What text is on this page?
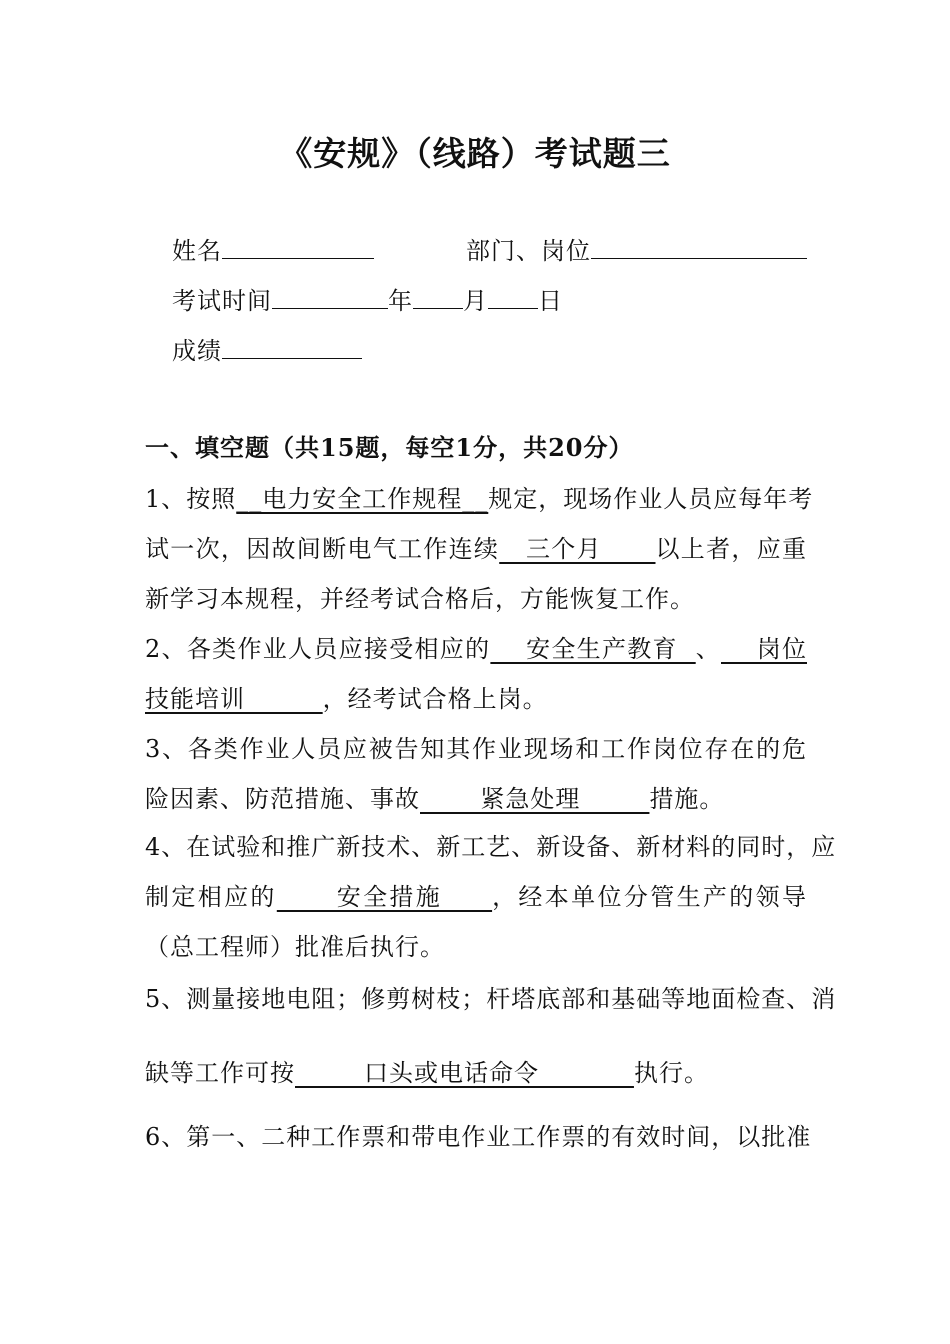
《安规》（线路）考试题三
姓名	部门、岗位
考试时间	年 月 日
成绩
一、填空题（共15题，每空1分，共20分）
1、按照__电力安全工作规程__规定，现场作业人员应每年考
试一次，因故间断电气工作连续   三个月      以上者，应重
新学习本规程，并经考试合格后，方能恢复工作。
2、各类作业人员应接受相应的    安全生产教育  、    岗位
技能培训         ，经考试合格上岗。
3、各类作业人员应被告知其作业现场和工作岗位存在的危
险因素、防范措施、事故       紧急处理        措施。
4、在试验和推广新技术、新工艺、新设备、新材料的同时，应
制定相应的      安全措施     ，经本单位分管生产的领导
（总工程师）批准后执行。
5、测量接地电阻；修剪树枝；杆塔底部和基础等地面检查、消
缺等工作可按        口头或电话命令           执行。
6、第一、二种工作票和带电作业工作票的有效时间，以批准
